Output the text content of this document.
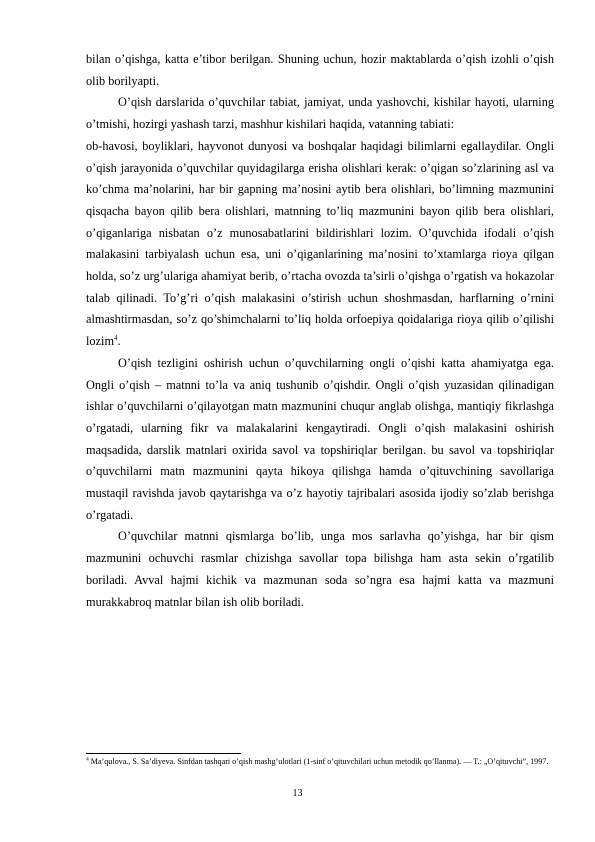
bilan o’qishga, katta e’tibor berilgan. Shuning uchun, hozir maktablarda o’qish izohli o’qish olib borilyapti.

O’qish darslarida o’quvchilar tabiat, jamiyat, unda yashovchi, kishilar hayoti, ularning o’tmishi, hozirgi yashash tarzi, mashhur kishilari haqida, vatanning tabiati:

ob-havosi, boyliklari, hayvonot dunyosi va boshqalar haqidagi bilimlarni egallaydilar. Ongli o’qish jarayonida o’quvchilar quyidagilarga erisha olishlari kerak: o’qigan so’zlarining asl va ko’chma ma’nolarini, har bir gapning ma’nosini aytib bera olishlari, bo’limning mazmunini qisqacha bayon qilib bera olishlari, matnning to’liq mazmunini bayon qilib bera olishlari, o’qiganlariga nisbatan o’z munosabatlarini bildirishlari lozim. O’quvchida ifodali o’qish malakasini tarbiyalash uchun esa, uni o’qiganlarining ma’nosini to’xtamlarga rioya qilgan holda, so’z urg’ulariga ahamiyat berib, o’rtacha ovozda ta’sirli o’qishga o’rgatish va hokazolar talab qilinadi. To’g’ri o’qish malakasini o’stirish uchun shoshmasdan, harflarning o’rnini almashtirmasdan, so’z qo’shimchalarni to’liq holda orfoepiya qoidalariga rioya qilib o’qilishi lozim$^4$.

O’qish tezligini oshirish uchun o’quvchilarning ongli o’qishi katta ahamiyatga ega. Ongli o’qish – matnni to’la va aniq tushunib o’qishdir. Ongli o’qish yuzasidan qilinadigan ishlar o’quvchilarni o’qilayotgan matn mazmunini chuqur anglab olishga, mantiqiy fikrlashga o’rgatadi, ularning fikr va malakalarini kengaytiradi. Ongli o’qish malakasini oshirish maqsadida, darslik matnlari oxirida savol va topshiriqlar berilgan. bu savol va topshiriqlar o’quvchilarni matn mazmunini qayta hikoya qilishga hamda o’qituvchining savollariga mustaqil ravishda javob qaytarishga va o’z hayotiy tajribalari asosida ijodiy so’zlab berishga o’rgatadi.

O’quvchilar matnni qismlarga bo’lib, unga mos sarlavha qo’yishga, har bir qism mazmunini ochuvchi rasmlar chizishga savollar topa bilishga ham asta sekin o’rgatilib boriladi. Avval hajmi kichik va mazmunan soda so’ngra esa hajmi katta va mazmuni murakkabroq matnlar bilan ish olib boriladi.

$^4$ Ma’qulova., S. Sa’diyeva. Sinfdan tashqari o’qish mashg’ulotlari (1-sinf o’qituvchilari uchun metodik qo’llanma). — T.: „O’qituvchi”, 1997.
13
